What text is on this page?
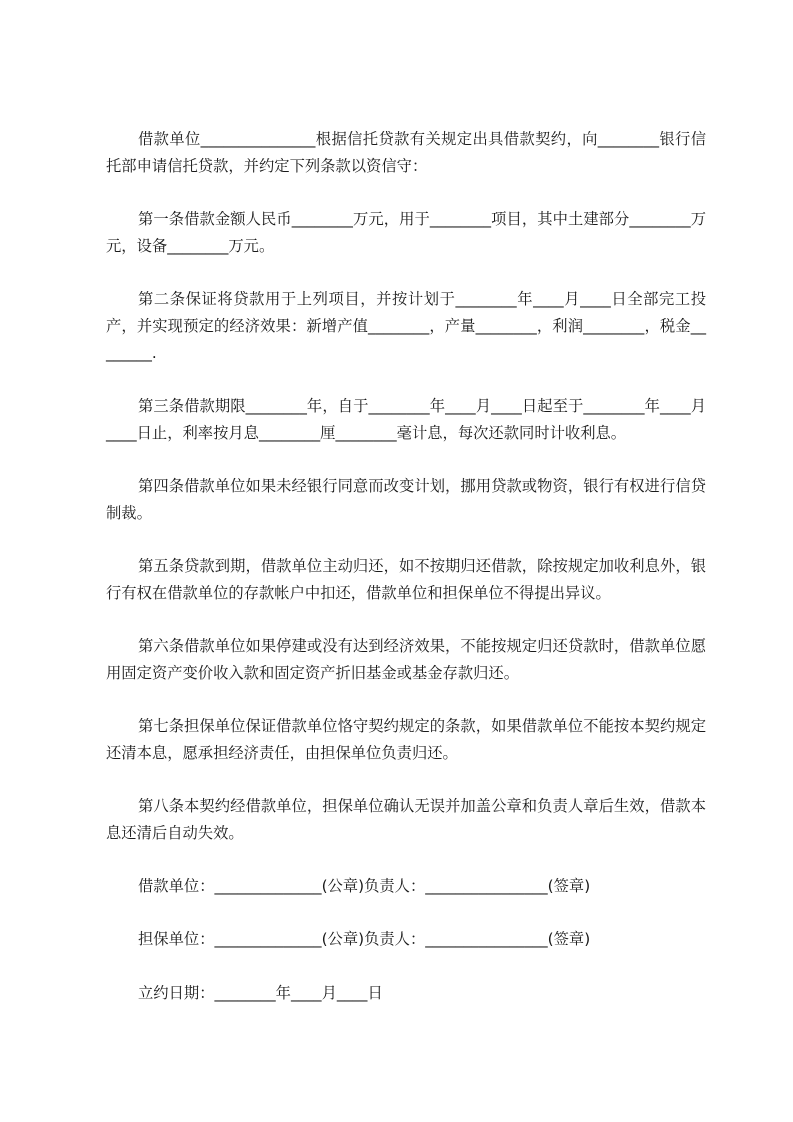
借款单位_______________根据信托贷款有关规定出具借款契约，向________银行信托部申请信托贷款，并约定下列条款以资信守：

第一条借款金额人民币________万元，用于________项目，其中土建部分________万元，设备________万元。

第二条保证将贷款用于上列项目，并按计划于________年____月____日全部完工投产，并实现预定的经济效果：新增产值________，产量________，利润________，税金________.

第三条借款期限________年，自于________年____月____日起至于________年____月____日止，利率按月息________厘________毫计息，每次还款同时计收利息。

第四条借款单位如果未经银行同意而改变计划，挪用贷款或物资，银行有权进行信贷制裁。

第五条贷款到期，借款单位主动归还，如不按期归还借款，除按规定加收利息外，银行有权在借款单位的存款帐户中扣还，借款单位和担保单位不得提出异议。

第六条借款单位如果停建或没有达到经济效果，不能按规定归还贷款时，借款单位愿用固定资产变价收入款和固定资产折旧基金或基金存款归还。

第七条担保单位保证借款单位恪守契约规定的条款，如果借款单位不能按本契约规定还清本息，愿承担经济责任，由担保单位负责归还。

第八条本契约经借款单位，担保单位确认无误并加盖公章和负责人章后生效，借款本息还清后自动失效。

借款单位：______________(公章)负责人：________________(签章)

担保单位：______________(公章)负责人：________________(签章)

立约日期：________年____月____日
